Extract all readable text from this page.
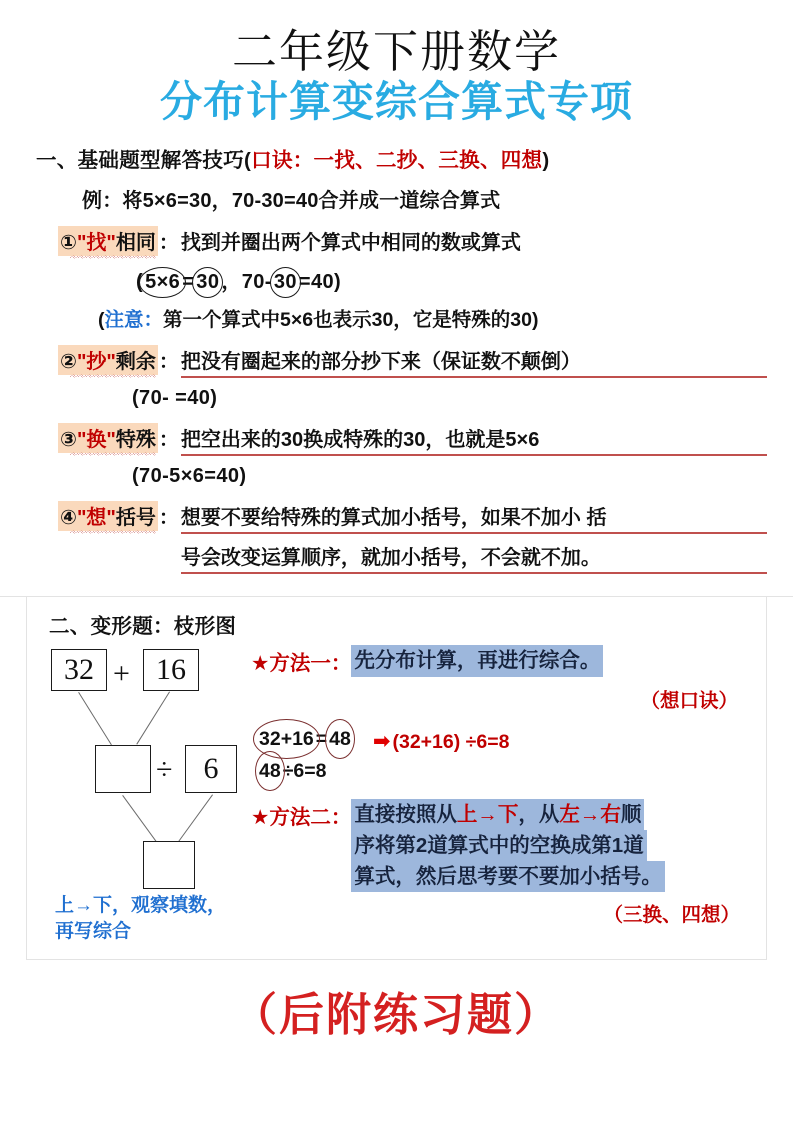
二年级下册数学
分布计算变综合算式专项
一、基础题型解答技巧(口诀：一找、二抄、三换、四想)
例：将5×6=30，70-30=40合并成一道综合算式
①"找"相同 ： 找到并圈出两个算式中相同的数或算式
( 5×6 = 30 ，70- 30 =40)
(注意：第一个算式中5×6也表示30，它是特殊的30)
②"抄"剩余 ： 把没有圈起来的部分抄下来（保证数不颠倒）
(70- =40)
③"换"特殊 ： 把空出来的30换成特殊的30，也就是5×6
(70-5×6=40)
④"想"括号 ： 想要不要给特殊的算式加小括号，如果不加小 括
号会改变运算顺序，就加小括号，不会就不加。
二、变形题：枝形图
32 + 16
÷	6
上→下，观察填数，
再写综合
★方法一： 先分布计算，再进行综合。
（想口诀）
32+16 = 48
48 ÷6=8
➡ (32+16) ÷6=8
★方法二： 直接按照从上→下，从左→右顺
序将第2道算式中的空换成第1道
算式，然后思考要不要加小括号。
（三换、四想）
（后附练习题）
